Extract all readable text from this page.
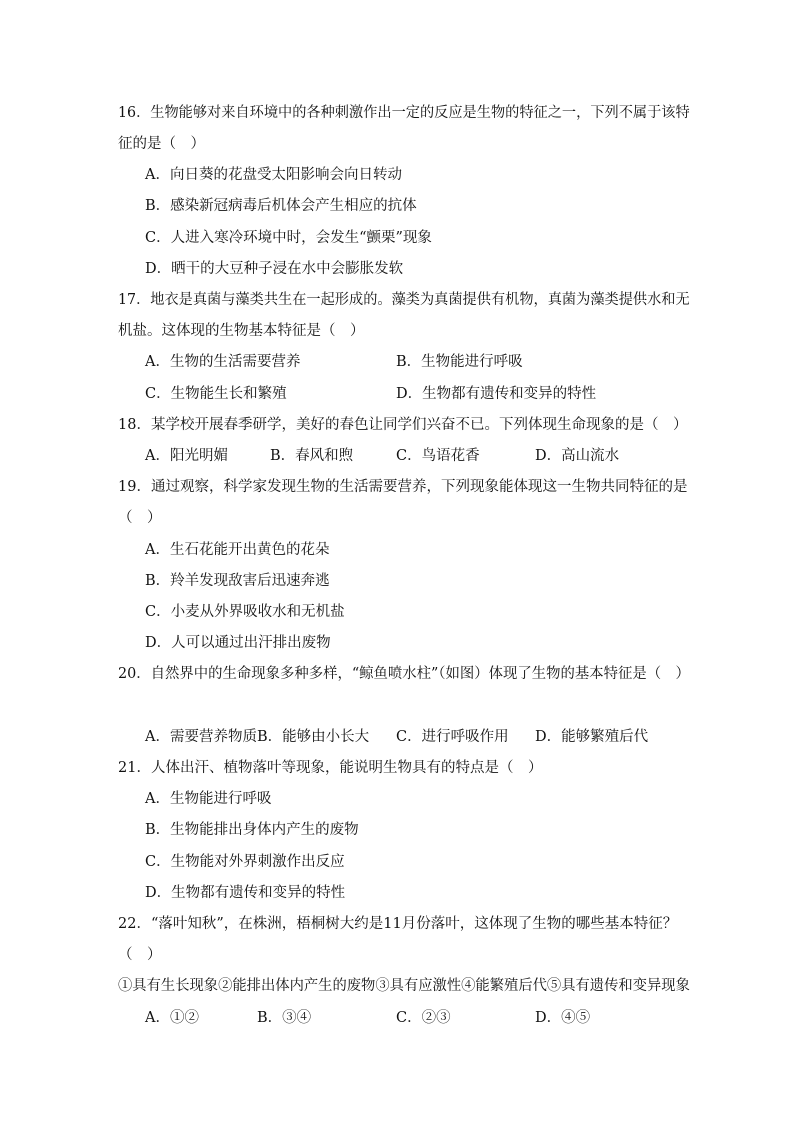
16．生物能够对来自环境中的各种刺激作出一定的反应是生物的特征之一，下列不属于该特
征的是（　）
A．向日葵的花盘受太阳影响会向日转动
B．感染新冠病毒后机体会产生相应的抗体
C．人进入寒冷环境中时，会发生“颤栗”现象
D．晒干的大豆种子浸在水中会膨胀发软
17．地衣是真菌与藻类共生在一起形成的。藻类为真菌提供有机物，真菌为藻类提供水和无
机盐。这体现的生物基本特征是（　）
A．生物的生活需要营养	B．生物能进行呼吸
C．生物能生长和繁殖	D．生物都有遗传和变异的特性
18．某学校开展春季研学，美好的春色让同学们兴奋不已。下列体现生命现象的是（　）
A．阳光明媚	B．春风和煦	C．鸟语花香	D．高山流水
19．通过观察，科学家发现生物的生活需要营养，下列现象能体现这一生物共同特征的是
（　）
A．生石花能开出黄色的花朵
B．羚羊发现敌害后迅速奔逃
C．小麦从外界吸收水和无机盐
D．人可以通过出汗排出废物
20．自然界中的生命现象多种多样，“鲸鱼喷水柱”（如图）体现了生物的基本特征是（　）
A．需要营养物质 B．能够由小长大 C．进行呼吸作用 D．能够繁殖后代
21．人体出汗、植物落叶等现象，能说明生物具有的特点是（　）
A．生物能进行呼吸
B．生物能排出身体内产生的废物
C．生物能对外界刺激作出反应
D．生物都有遗传和变异的特性
22．“落叶知秋”，在株洲，梧桐树大约是11月份落叶，这体现了生物的哪些基本特征？
（　）
①具有生长现象②能排出体内产生的废物③具有应激性④能繁殖后代⑤具有遗传和变异现象
A．①②	B．③④	C．②③	D．④⑤
